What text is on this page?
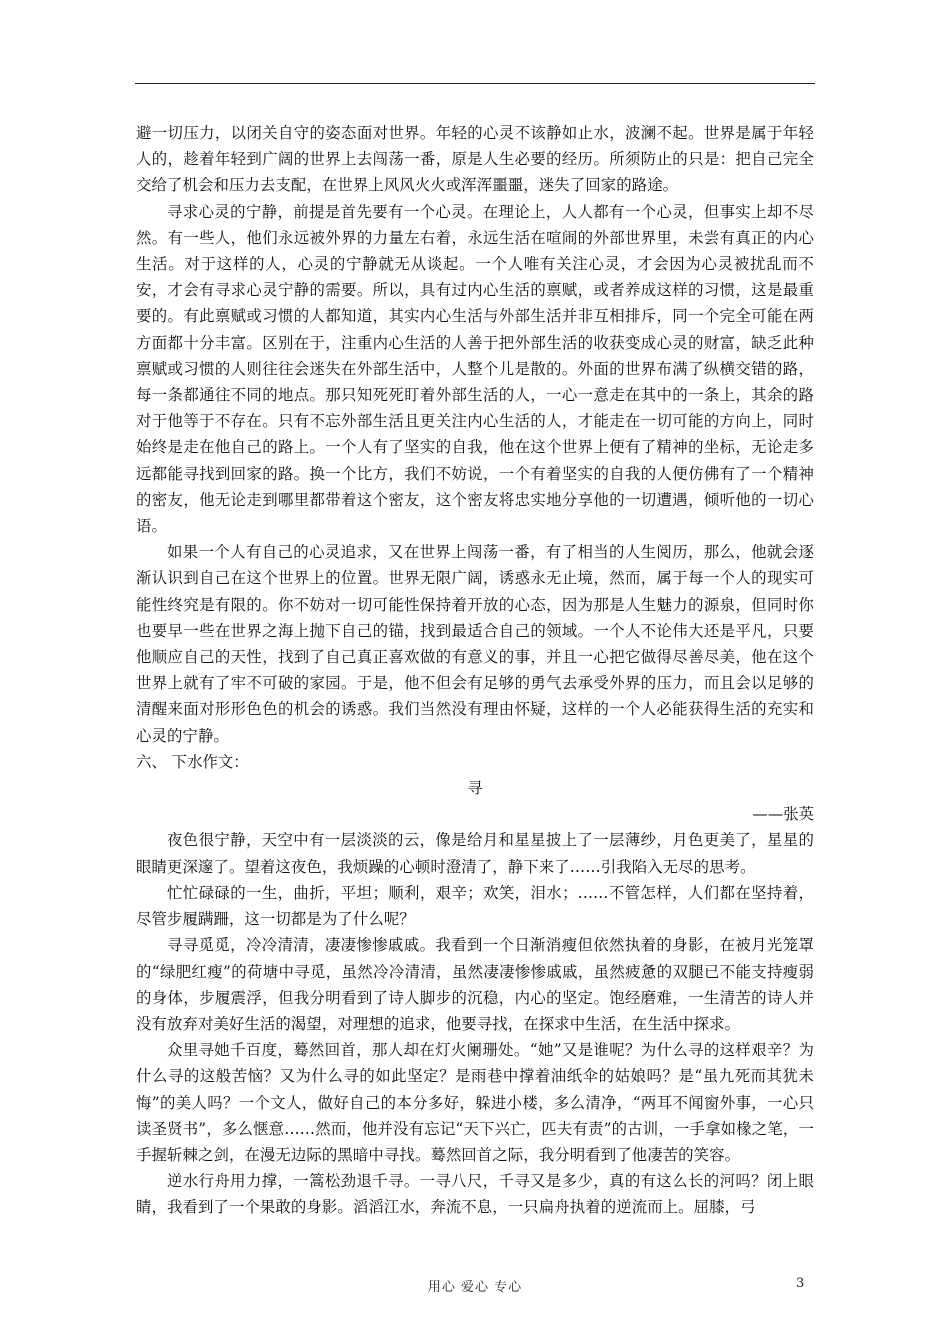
避一切压力，以闭关自守的姿态面对世界。年轻的心灵不该静如止水，波澜不起。世界是属于年轻人的，趁着年轻到广阔的世界上去闯荡一番，原是人生必要的经历。所须防止的只是：把自己完全交给了机会和压力去支配，在世界上风风火火或浑浑噩噩，迷失了回家的路途。

寻求心灵的宁静，前提是首先要有一个心灵。在理论上，人人都有一个心灵，但事实上却不尽然。有一些人，他们永远被外界的力量左右着，永远生活在喧闹的外部世界里，未尝有真正的内心生活。对于这样的人，心灵的宁静就无从谈起。一个人唯有关注心灵，才会因为心灵被扰乱而不安，才会有寻求心灵宁静的需要。所以，具有过内心生活的禀赋，或者养成这样的习惯，这是最重要的。有此禀赋或习惯的人都知道，其实内心生活与外部生活并非互相排斥，同一个完全可能在两方面都十分丰富。区别在于，注重内心生活的人善于把外部生活的收获变成心灵的财富，缺乏此种禀赋或习惯的人则往往会迷失在外部生活中，人整个儿是散的。外面的世界布满了纵横交错的路，每一条都通往不同的地点。那只知死死盯着外部生活的人，一心一意走在其中的一条上，其余的路对于他等于不存在。只有不忘外部生活且更关注内心生活的人，才能走在一切可能的方向上，同时始终是走在他自己的路上。一个人有了坚实的自我，他在这个世界上便有了精神的坐标，无论走多远都能寻找到回家的路。换一个比方，我们不妨说，一个有着坚实的自我的人便仿佛有了一个精神的密友，他无论走到哪里都带着这个密友，这个密友将忠实地分享他的一切遭遇，倾听他的一切心语。

如果一个人有自己的心灵追求，又在世界上闯荡一番，有了相当的人生阅历，那么，他就会逐渐认识到自己在这个世界上的位置。世界无限广阔，诱惑永无止境，然而，属于每一个人的现实可能性终究是有限的。你不妨对一切可能性保持着开放的心态，因为那是人生魅力的源泉，但同时你也要早一些在世界之海上抛下自己的锚，找到最适合自己的领域。一个人不论伟大还是平凡，只要他顺应自己的天性，找到了自己真正喜欢做的有意义的事，并且一心把它做得尽善尽美，他在这个世界上就有了牢不可破的家园。于是，他不但会有足够的勇气去承受外界的压力，而且会以足够的清醒来面对形形色色的机会的诱惑。我们当然没有理由怀疑，这样的一个人必能获得生活的充实和心灵的宁静。

六、 下水作文：

寻

——张英

夜色很宁静，天空中有一层淡淡的云，像是给月和星星披上了一层薄纱，月色更美了，星星的眼睛更深邃了。望着这夜色，我烦躁的心顿时澄清了，静下来了……引我陷入无尽的思考。

忙忙碌碌的一生，曲折，平坦；顺利，艰辛；欢笑，泪水；……不管怎样，人们都在坚持着，尽管步履蹒跚，这一切都是为了什么呢？

寻寻觅觅，冷冷清清，凄凄惨惨戚戚。我看到一个日渐消瘦但依然执着的身影，在被月光笼罩的“绿肥红瘦”的荷塘中寻觅，虽然冷冷清清，虽然凄凄惨惨戚戚，虽然疲惫的双腿已不能支持瘦弱的身体，步履震浮，但我分明看到了诗人脚步的沉稳，内心的坚定。饱经磨难，一生清苦的诗人并没有放弃对美好生活的渴望，对理想的追求，他要寻找，在探求中生活，在生活中探求。

众里寻她千百度，蓦然回首，那人却在灯火阑珊处。“她”又是谁呢？为什么寻的这样艰辛？为什么寻的这般苦恼？又为什么寻的如此坚定？是雨巷中撑着油纸伞的姑娘吗？是“虽九死而其犹未悔”的美人吗？一个文人，做好自己的本分多好，躲进小楼，多么清净，“两耳不闻窗外事，一心只读圣贤书”，多么惬意……然而，他并没有忘记“天下兴亡，匹夫有责”的古训，一手拿如椽之笔，一手握斩棘之剑，在漫无边际的黑暗中寻找。蓦然回首之际，我分明看到了他凄苦的笑容。

逆水行舟用力撑，一篙松劲退千寻。一寻八尺，千寻又是多少，真的有这么长的河吗？闭上眼睛，我看到了一个果敢的身影。滔滔江水，奔流不息，一只扁舟执着的逆流而上。屈膝，弓

用心 爱心 专心	3
